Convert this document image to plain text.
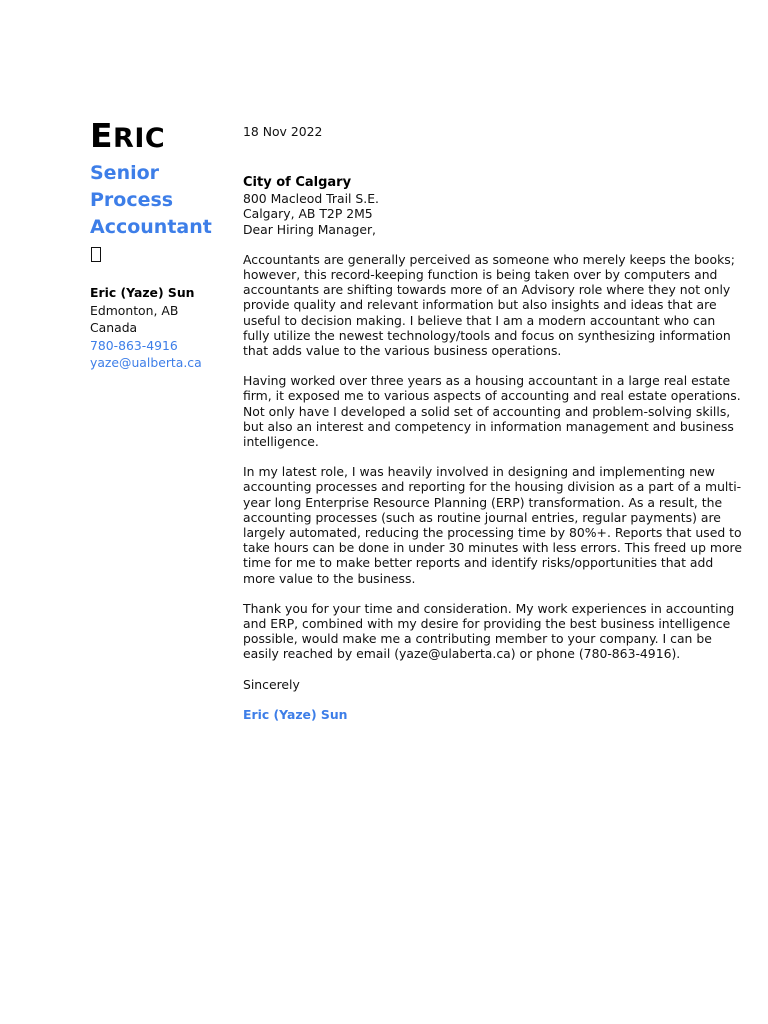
ERIC
Senior
Process
Accountant
Eric (Yaze) Sun
Edmonton, AB
Canada
780-863-4916
yaze@ualberta.ca

18 Nov 2022

City of Calgary

800 Macleod Trail S.E.

Calgary, AB T2P 2M5

Dear Hiring Manager,

Accountants are generally perceived as someone who merely keeps the books; however, this record-keeping function is being taken over by computers and accountants are shifting towards more of an Advisory role where they not only provide quality and relevant information but also insights and ideas that are useful to decision making. I believe that I am a modern accountant who can fully utilize the newest technology/tools and focus on synthesizing information that adds value to the various business operations.

Having worked over three years as a housing accountant in a large real estate firm, it exposed me to various aspects of accounting and real estate operations. Not only have I developed a solid set of accounting and problem-solving skills, but also an interest and competency in information management and business intelligence.

In my latest role, I was heavily involved in designing and implementing new accounting processes and reporting for the housing division as a part of a multi-year long Enterprise Resource Planning (ERP) transformation. As a result, the accounting processes (such as routine journal entries, regular payments) are largely automated, reducing the processing time by 80%+. Reports that used to take hours can be done in under 30 minutes with less errors. This freed up more time for me to make better reports and identify risks/opportunities that add more value to the business.

Thank you for your time and consideration. My work experiences in accounting and ERP, combined with my desire for providing the best business intelligence possible, would make me a contributing member to your company. I can be easily reached by email (yaze@ulaberta.ca) or phone (780-863-4916).

Sincerely

Eric (Yaze) Sun
